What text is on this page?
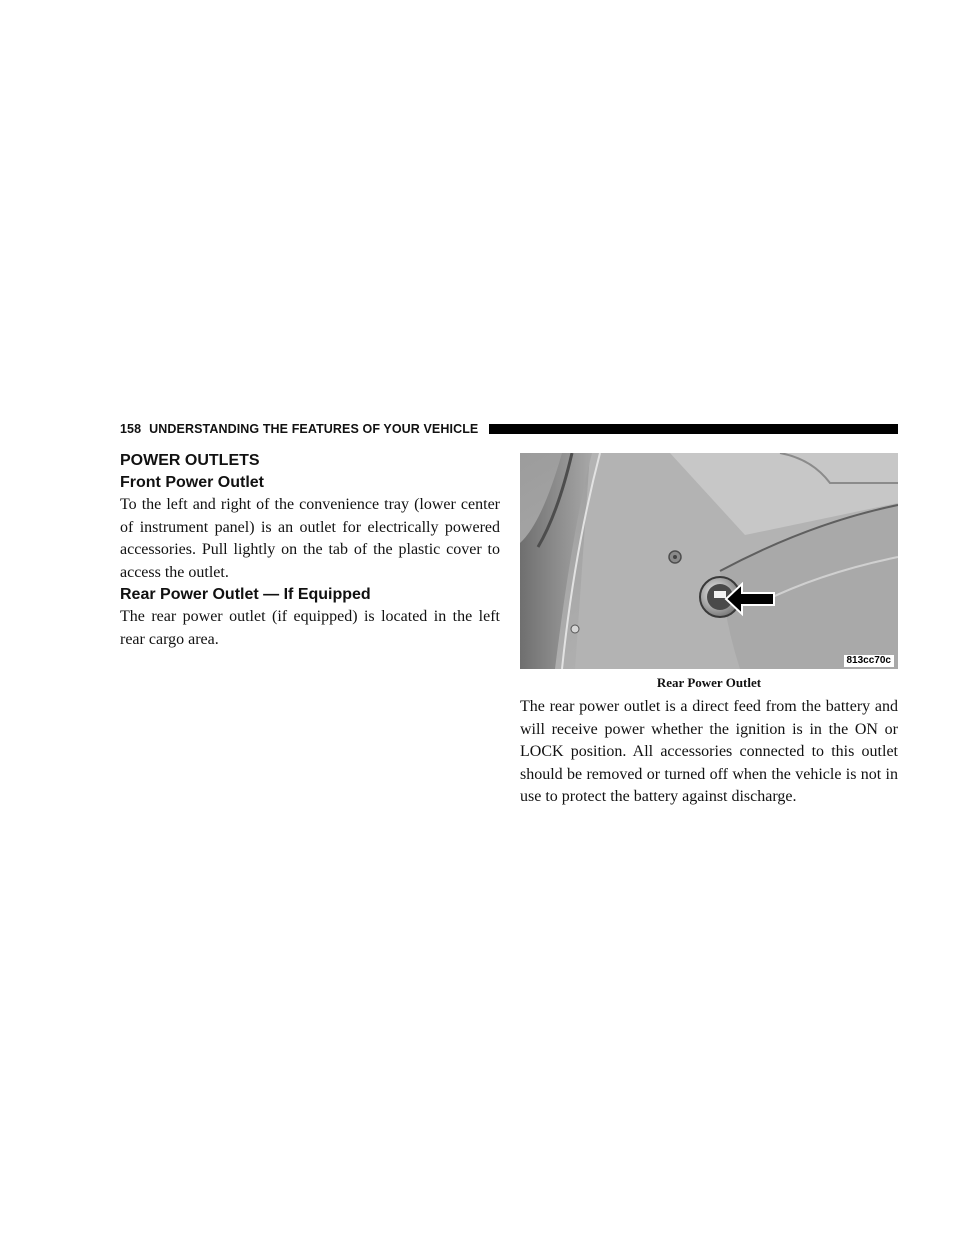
158 UNDERSTANDING THE FEATURES OF YOUR VEHICLE
POWER OUTLETS
Front Power Outlet

To the left and right of the convenience tray (lower center of instrument panel) is an outlet for electrically powered accessories. Pull lightly on the tab of the plastic cover to access the outlet.

Rear Power Outlet — If Equipped

The rear power outlet (if equipped) is located in the left rear cargo area.

813cc70c
Rear Power Outlet

The rear power outlet is a direct feed from the battery and will receive power whether the ignition is in the ON or LOCK position. All accessories connected to this outlet should be removed or turned off when the vehicle is not in use to protect the battery against discharge.
